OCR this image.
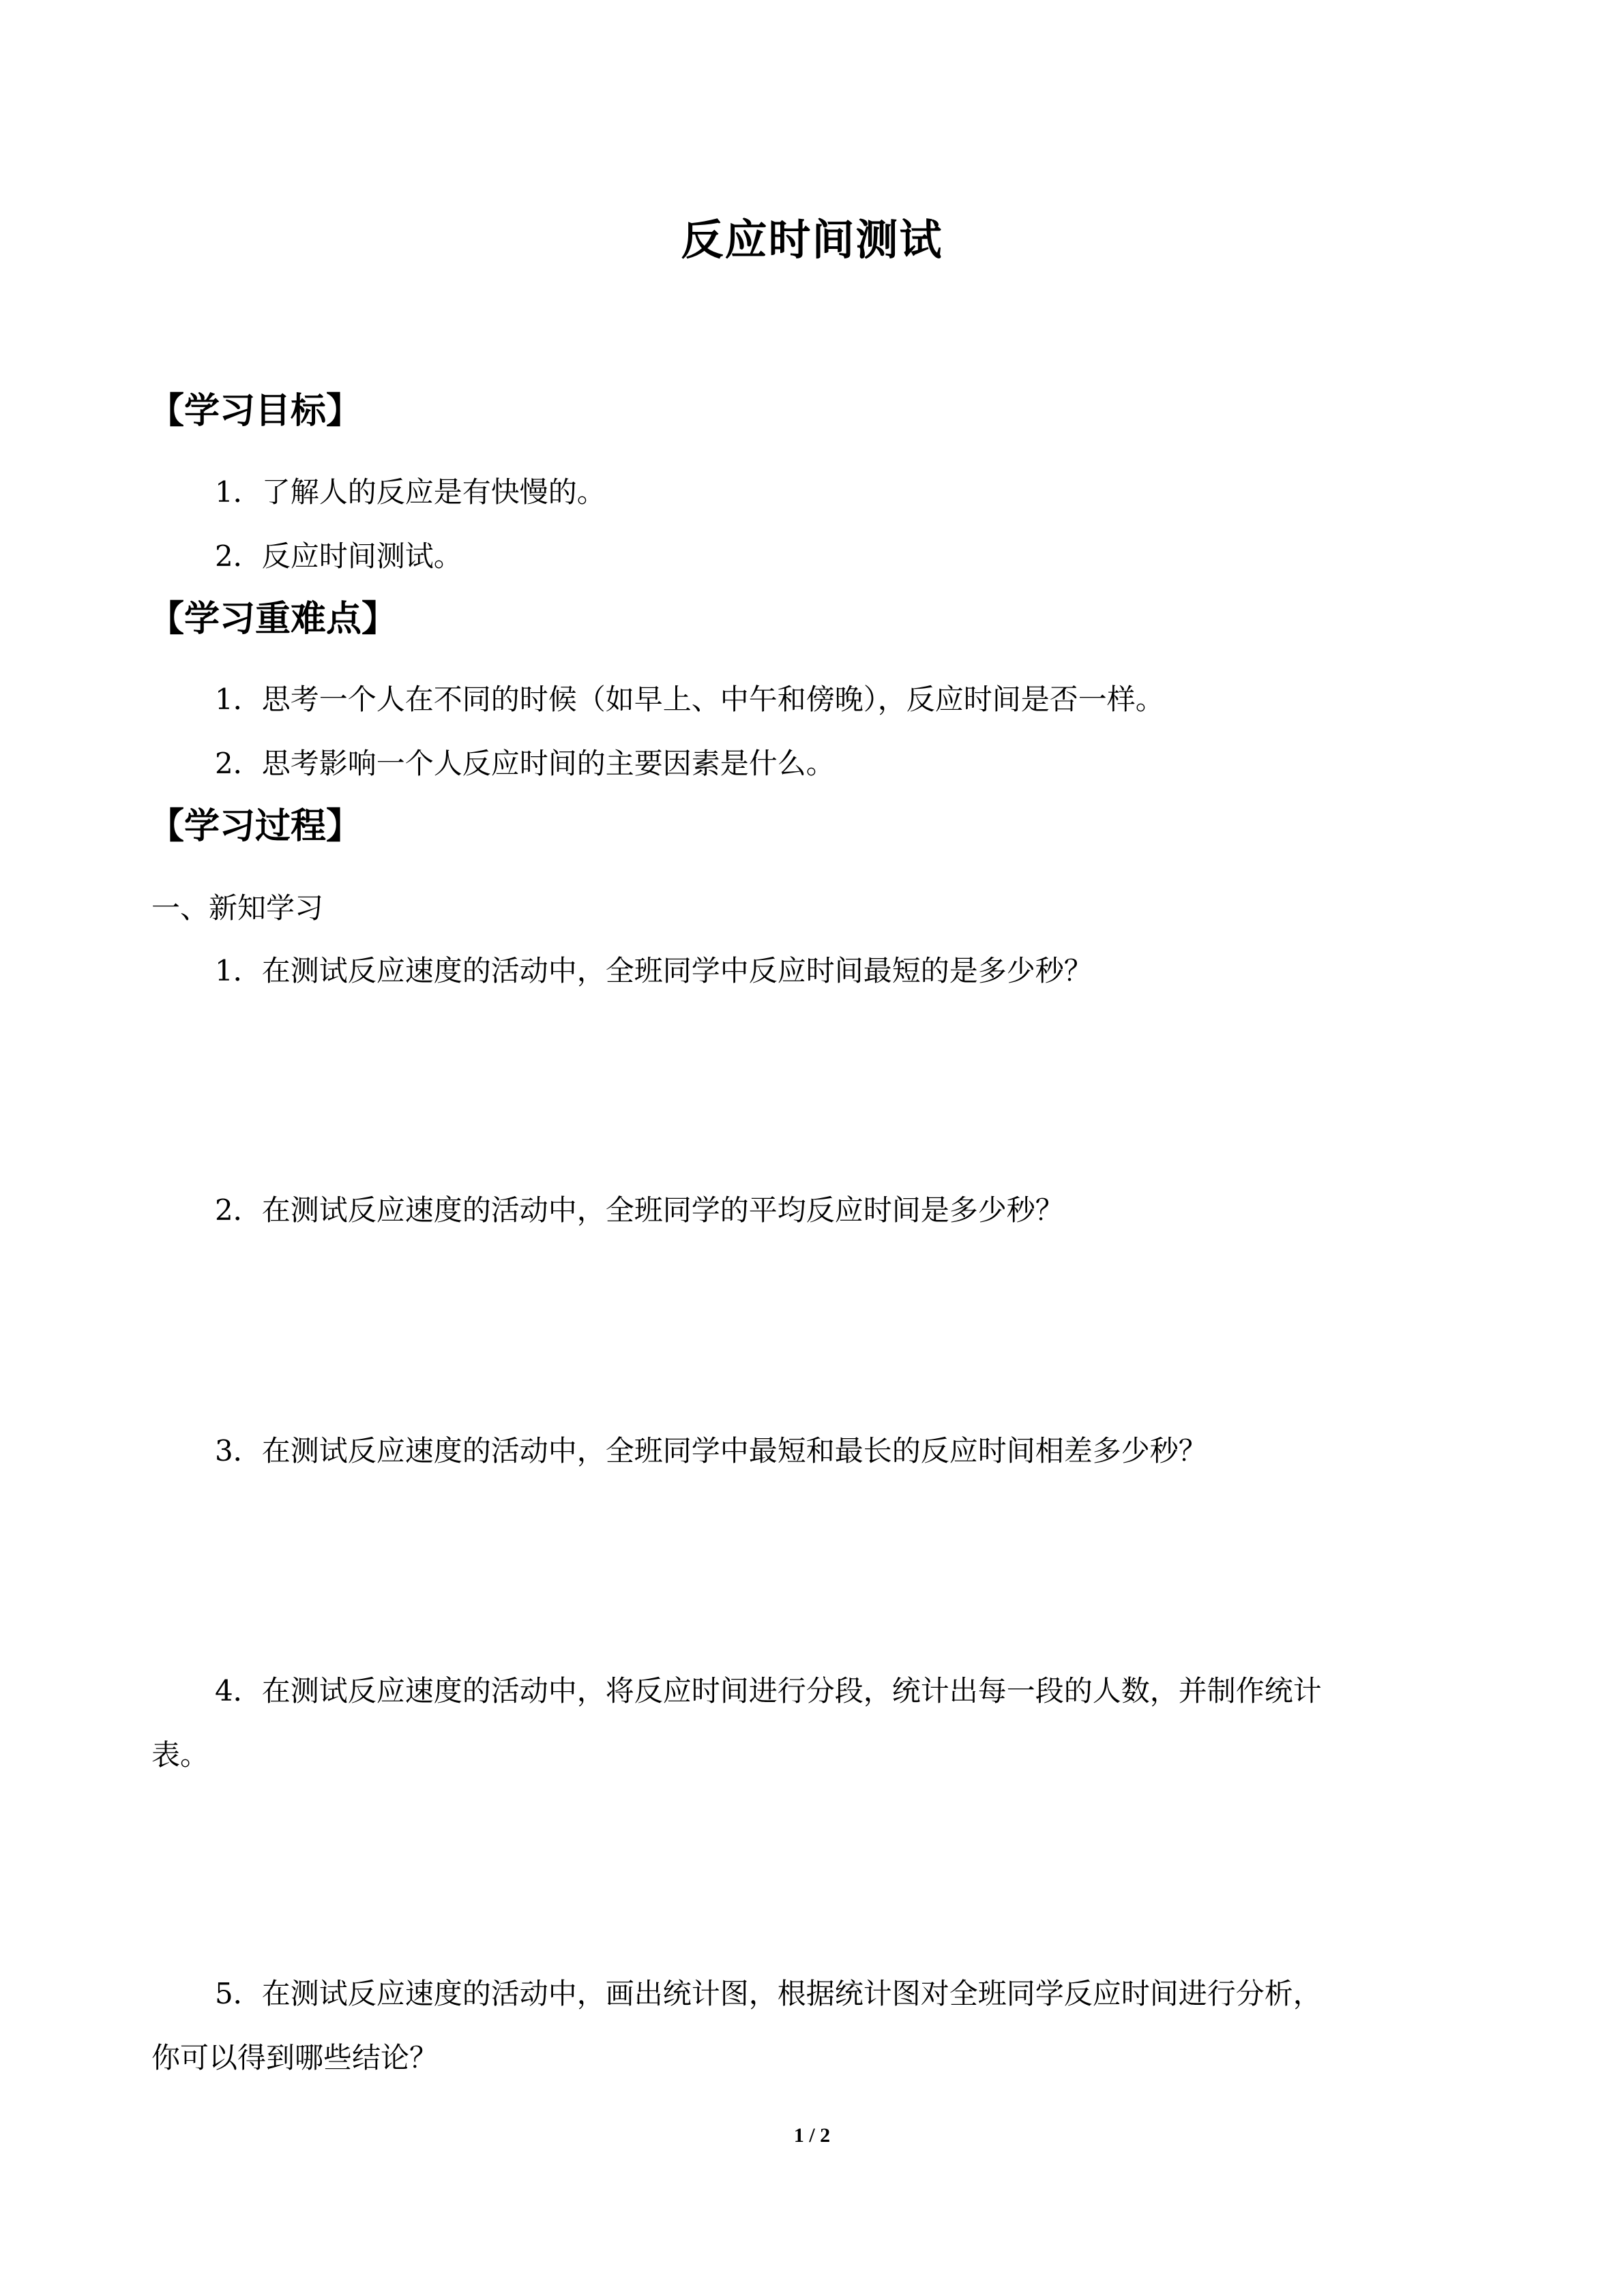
反应时间测试
【学习目标】
1．了解人的反应是有快慢的。
2．反应时间测试。
【学习重难点】
1．思考一个人在不同的时候（如早上、中午和傍晚），反应时间是否一样。
2．思考影响一个人反应时间的主要因素是什么。
【学习过程】
一、新知学习
1．在测试反应速度的活动中，全班同学中反应时间最短的是多少秒？
2．在测试反应速度的活动中，全班同学的平均反应时间是多少秒？
3．在测试反应速度的活动中，全班同学中最短和最长的反应时间相差多少秒？
4．在测试反应速度的活动中，将反应时间进行分段，统计出每一段的人数，并制作统计
表。
5．在测试反应速度的活动中，画出统计图，根据统计图对全班同学反应时间进行分析，
你可以得到哪些结论？
1 / 2
